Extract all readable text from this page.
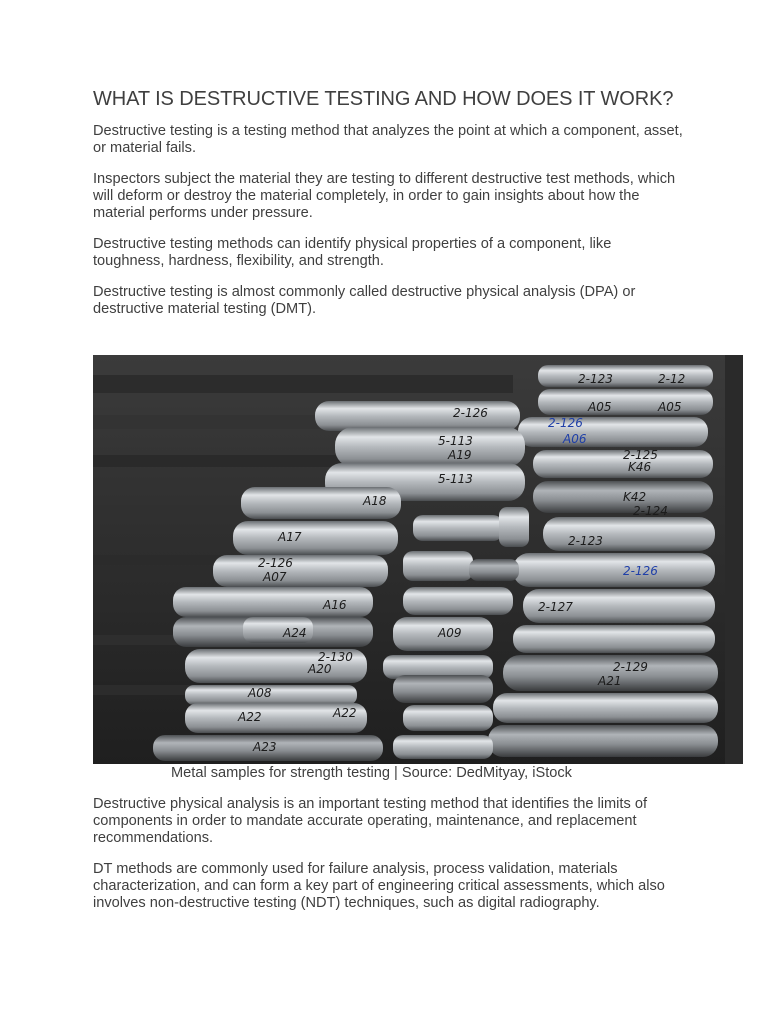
WHAT IS DESTRUCTIVE TESTING AND HOW DOES IT WORK?

Destructive testing is a testing method that analyzes the point at which a component, asset, or material fails.

Inspectors subject the material they are testing to different destructive test methods, which will deform or destroy the material completely, in order to gain insights about how the material performs under pressure.

Destructive testing methods can identify physical properties of a component, like toughness, hardness, flexibility, and strength.

Destructive testing is almost commonly called destructive physical analysis (DPA) or destructive material testing (DMT).

2-123	2-12
A05	A05
2-126
A06
2-126
5-113
A19
5-113
A18
A17
2-126
A07
A16
A24
2-130
A20
A08
A22	A22
2-127
2-126
2-123
2-129
A21
K42
K46
2-124
2-125
A09
A23
Metal samples for strength testing | Source: DedMityay, iStock

Destructive physical analysis is an important testing method that identifies the limits of components in order to mandate accurate operating, maintenance, and replacement recommendations.

DT methods are commonly used for failure analysis, process validation, materials characterization, and can form a key part of engineering critical assessments, which also involves non-destructive testing (NDT) techniques, such as digital radiography.
